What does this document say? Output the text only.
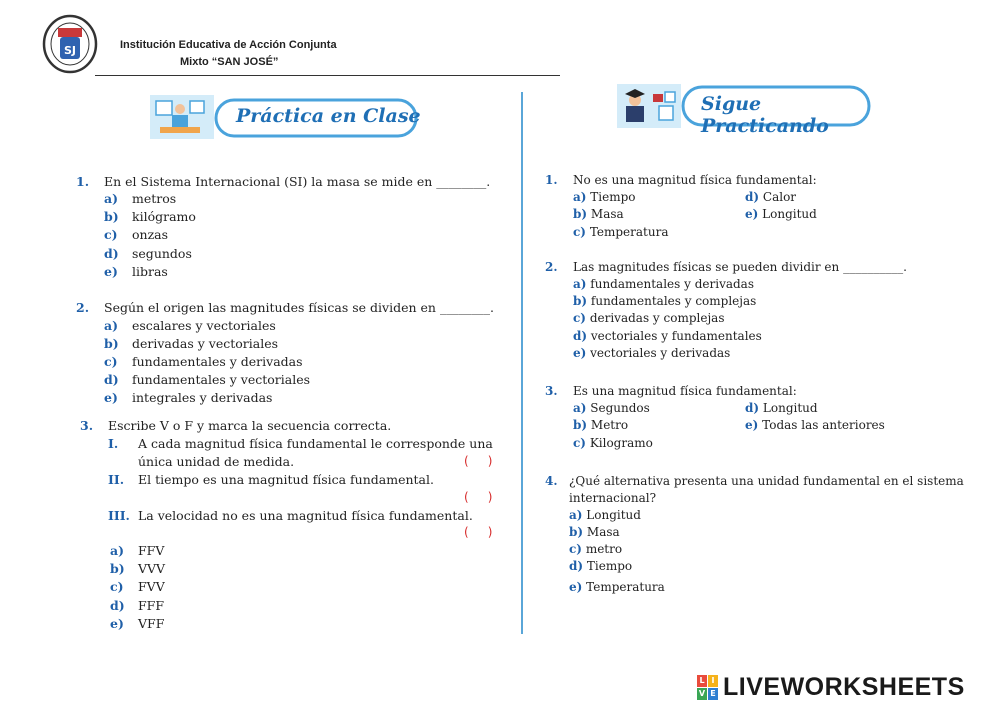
SJ	Institución Educativa de Acción Conjunta
Mixto “SAN JOSÉ”
Práctica en Clase
Sigue Practicando
1. En el Sistema Internacional (SI) la masa se mide en ________.
a) metros
b) kilógramo
c) onzas
d) segundos
e) libras
2. Según el origen las magnitudes físicas se dividen en ________.
a) escalares y vectoriales
b) derivadas y vectoriales
c) fundamentales y derivadas
d) fundamentales y vectoriales
e) integrales y derivadas
3. Escribe V o F y marca la secuencia correcta.
I. A cada magnitud física fundamental le corresponde una
única unidad de medida.	(     )
II. El tiempo es una magnitud física fundamental.
(     )
III. La velocidad no es una magnitud física fundamental.
(     )
a) FFV
b) VVV
c) FVV
d) FFF
e) VFF
1. No es una magnitud física fundamental:
a) Tiempo
b) Masa
c) Temperatura
d) Calor
e) Longitud
2. Las magnitudes físicas se pueden dividir en __________.
a) fundamentales y derivadas
b) fundamentales y complejas
c) derivadas y complejas
d) vectoriales y fundamentales
e) vectoriales y derivadas
3. Es una magnitud física fundamental:
a) Segundos
b) Metro
c) Kilogramo
d) Longitud
e) Todas las anteriores
4. ¿Qué alternativa presenta una unidad fundamental en el sistema
internacional?
a) Longitud
b) Masa
c) metro
d) Tiempo
e) Temperatura
L I
V E LIVEWORKSHEETS
